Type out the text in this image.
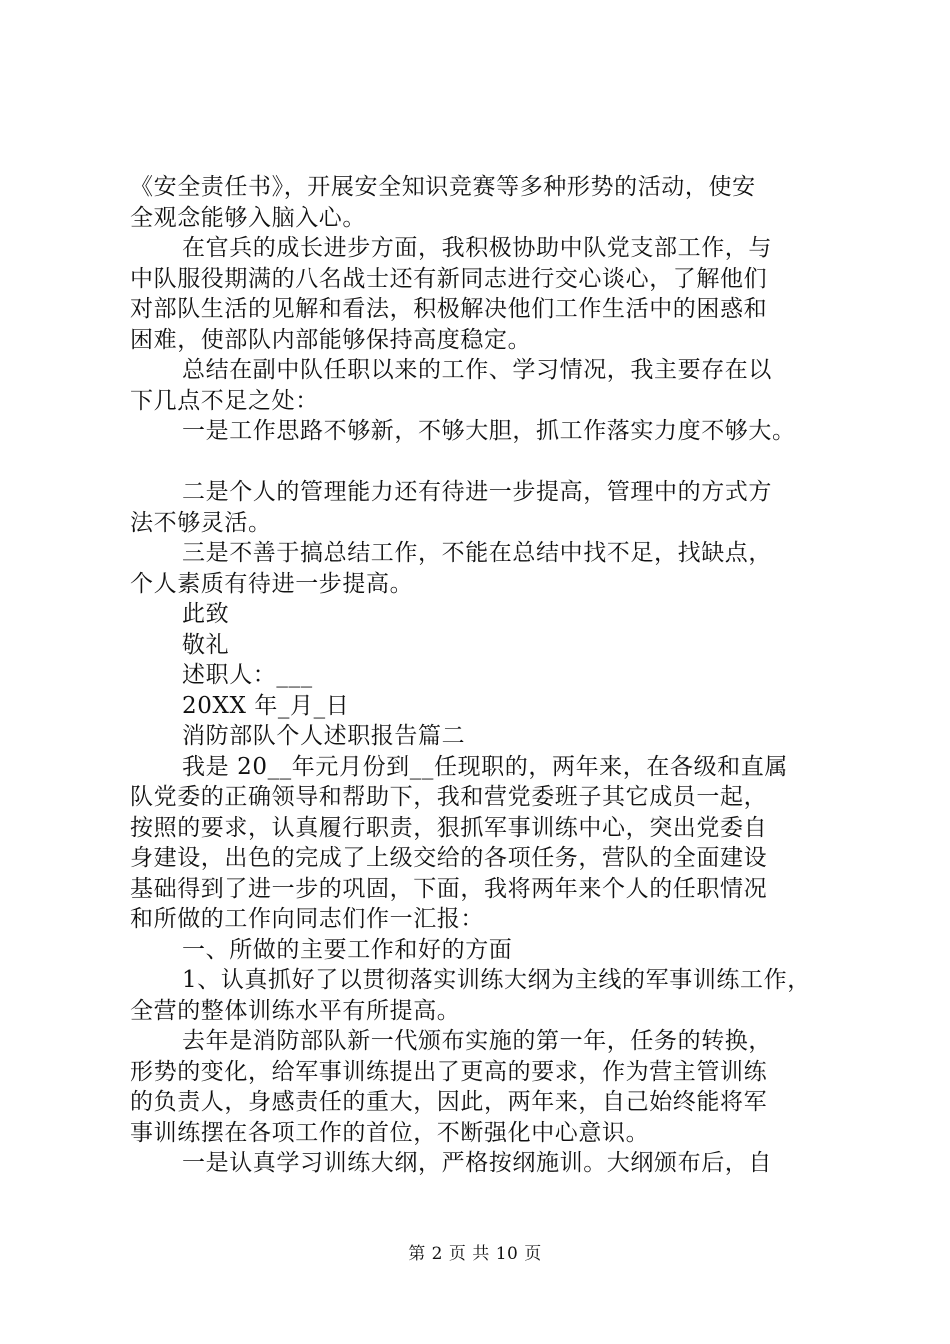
《安全责任书》，开展安全知识竞赛等多种形势的活动，使安
全观念能够入脑入心。
在官兵的成长进步方面，我积极协助中队党支部工作，与
中队服役期满的八名战士还有新同志进行交心谈心，了解他们
对部队生活的见解和看法，积极解决他们工作生活中的困惑和
困难，使部队内部能够保持高度稳定。
总结在副中队任职以来的工作、学习情况，我主要存在以
下几点不足之处：
一是工作思路不够新，不够大胆，抓工作落实力度不够大。
二是个人的管理能力还有待进一步提高，管理中的方式方
法不够灵活。
三是不善于搞总结工作，不能在总结中找不足，找缺点，
个人素质有待进一步提高。
此致
敬礼
述职人：___
20XX 年_月_日
消防部队个人述职报告篇二
我是 20__年元月份到__任现职的，两年来，在各级和直属
队党委的正确领导和帮助下，我和营党委班子其它成员一起，
按照的要求，认真履行职责，狠抓军事训练中心，突出党委自
身建设，出色的完成了上级交给的各项任务，营队的全面建设
基础得到了进一步的巩固，下面，我将两年来个人的任职情况
和所做的工作向同志们作一汇报：
一、所做的主要工作和好的方面
1、认真抓好了以贯彻落实训练大纲为主线的军事训练工作，
全营的整体训练水平有所提高。
去年是消防部队新一代颁布实施的第一年，任务的转换，
形势的变化，给军事训练提出了更高的要求，作为营主管训练
的负责人，身感责任的重大，因此，两年来，自己始终能将军
事训练摆在各项工作的首位，不断强化中心意识。
一是认真学习训练大纲，严格按纲施训。大纲颁布后，自
第 2 页 共 10 页
